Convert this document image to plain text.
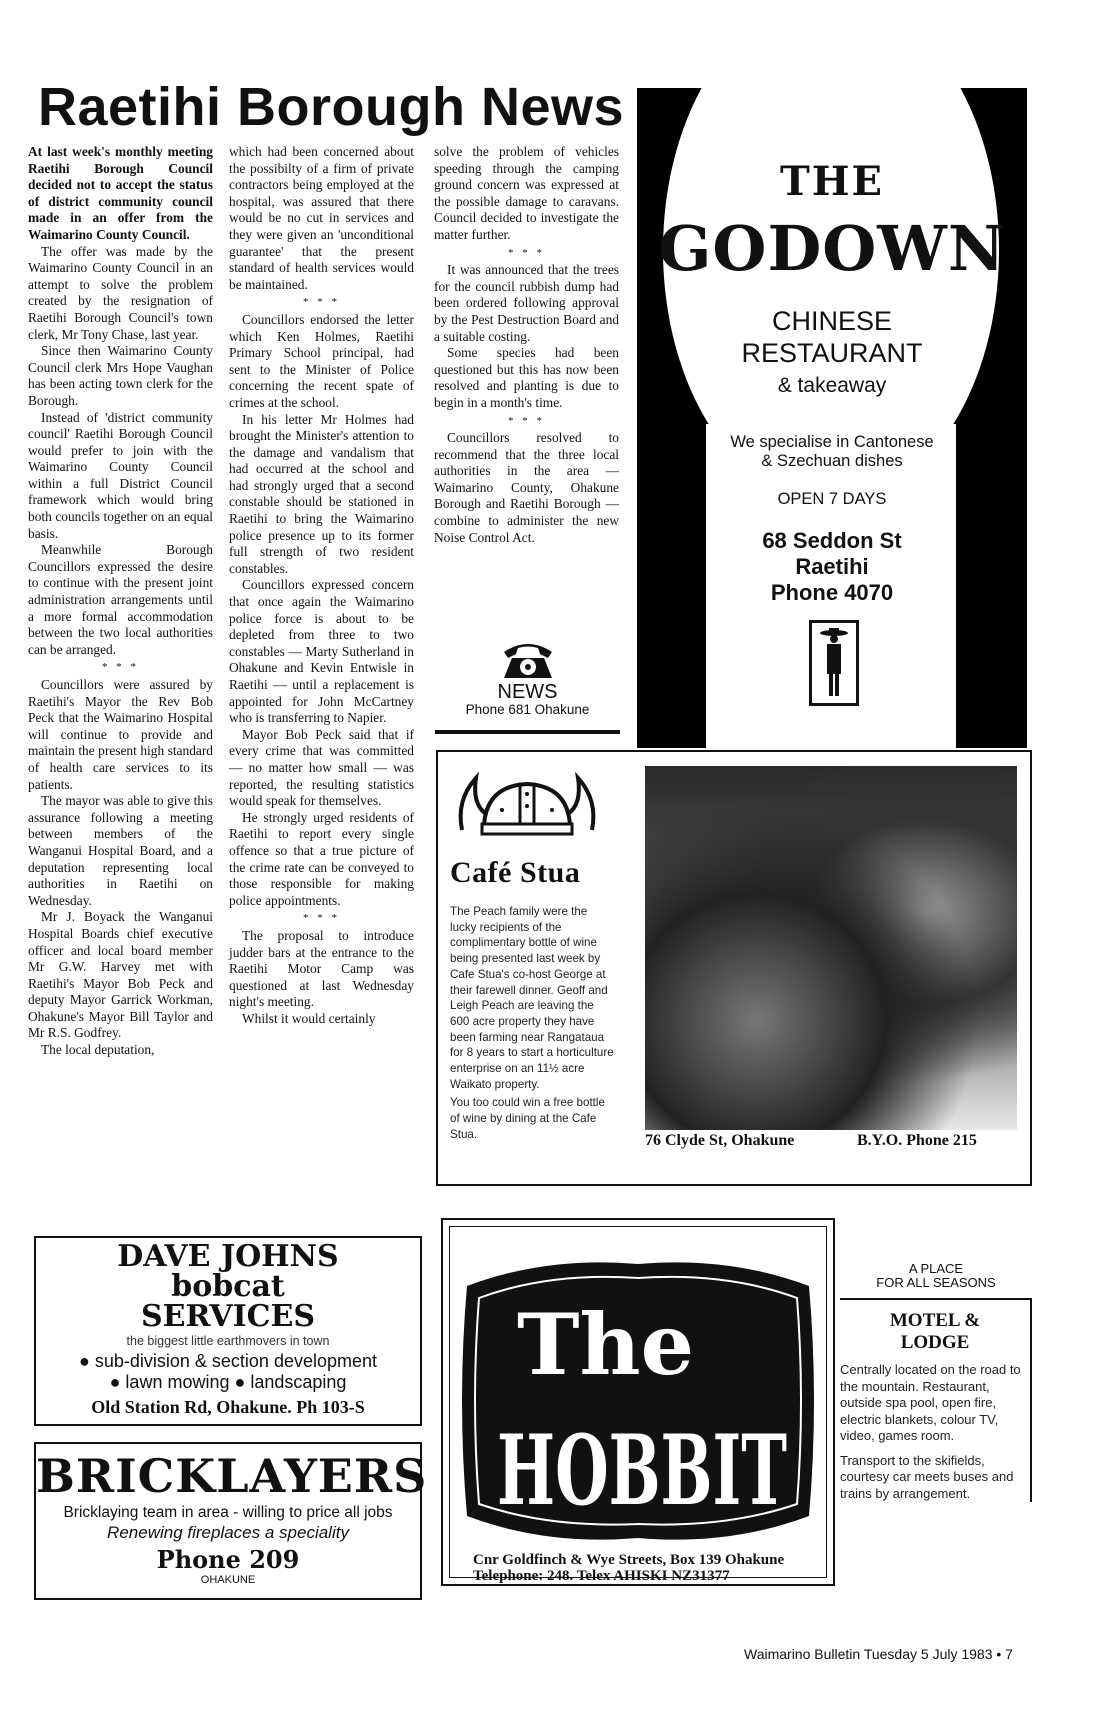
Raetihi Borough News

At last week's monthly meeting Raetihi Borough Council decided not to accept the status of district community council made in an offer from the Waimarino County Council.

The offer was made by the Waimarino County Council in an attempt to solve the problem created by the resignation of Raetihi Borough Council's town clerk, Mr Tony Chase, last year.

Since then Waimarino County Council clerk Mrs Hope Vaughan has been acting town clerk for the Borough.

Instead of 'district community council' Raetihi Borough Council would prefer to join with the Waimarino County Council within a full District Council framework which would bring both councils together on an equal basis.

Meanwhile Borough Councillors expressed the desire to continue with the present joint administration arrangements until a more formal accommodation between the two local authorities can be arranged.

* * *

Councillors were assured by Raetihi's Mayor the Rev Bob Peck that the Waimarino Hospital will continue to provide and maintain the present high standard of health care services to its patients.

The mayor was able to give this assurance following a meeting between members of the Wanganui Hospital Board, and a deputation representing local authorities in Raetihi on Wednesday.

Mr J. Boyack the Wanganui Hospital Boards chief executive officer and local board member Mr G.W. Harvey met with Raetihi's Mayor Bob Peck and deputy Mayor Garrick Workman, Ohakune's Mayor Bill Taylor and Mr R.S. Godfrey.

The local deputation,

which had been concerned about the possibilty of a firm of private contractors being employed at the hospital, was assured that there would be no cut in services and they were given an 'unconditional guarantee' that the present standard of health services would be maintained.

* * *

Councillors endorsed the letter which Ken Holmes, Raetihi Primary School principal, had sent to the Minister of Police concerning the recent spate of crimes at the school.

In his letter Mr Holmes had brought the Minister's attention to the damage and vandalism that had occurred at the school and had strongly urged that a second constable should be stationed in Raetihi to bring the Waimarino police presence up to its former full strength of two resident constables.

Councillors expressed concern that once again the Waimarino police force is about to be depleted from three to two constables — Marty Sutherland in Ohakune and Kevin Entwisle in Raetihi — until a replacement is appointed for John McCartney who is transferring to Napier.

Mayor Bob Peck said that if every crime that was committed — no matter how small — was reported, the resulting statistics would speak for themselves.

He strongly urged residents of Raetihi to report every single offence so that a true picture of the crime rate can be conveyed to those responsible for making police appointments.

* * *

The proposal to introduce judder bars at the entrance to the Raetihi Motor Camp was questioned at last Wednesday night's meeting.

Whilst it would certainly

solve the problem of vehicles speeding through the camping ground concern was expressed at the possible damage to caravans. Council decided to investigate the matter further.

* * *

It was announced that the trees for the council rubbish dump had been ordered following approval by the Pest Destruction Board and a suitable costing.

Some species had been questioned but this has now been resolved and planting is due to begin in a month's time.

* * *

Councillors resolved to recommend that the three local authorities in the area — Waimarino County, Ohakune Borough and Raetihi Borough — combine to administer the new Noise Control Act.

NEWS
Phone 681 Ohakune
THE
GODOWN
CHINESE
RESTAURANT
& takeaway
We specialise in Cantonese
& Szechuan dishes
OPEN 7 DAYS
68 Seddon St
Raetihi
Phone 4070
Café Stua

The Peach family were the lucky recipients of the complimentary bottle of wine being presented last week by Cafe Stua's co-host George at their farewell dinner. Geoff and Leigh Peach are leaving the 600 acre property they have been farming near Rangataua for 8 years to start a horticulture enterprise on an 11½ acre Waikato property.

You too could win a free bottle of wine by dining at the Cafe Stua.	76 Clyde St, Ohakune	B.Y.O. Phone 215
DAVE JOHNS
bobcat
SERVICES
the biggest little earthmovers in town
● sub-division & section development
● lawn mowing ● landscaping
Old Station Rd, Ohakune. Ph 103-S
BRICKLAYERS
Bricklaying team in area - willing to price all jobs
Renewing fireplaces a speciality
Phone 209
OHAKUNE
The
HOBBIT
Cnr Goldfinch & Wye Streets, Box 139 Ohakune
Telephone: 248. Telex AHISKI NZ31377
A PLACE
FOR ALL SEASONS
MOTEL &
LODGE
Centrally located on the road to the mountain. Restaurant, outside spa pool, open fire, electric blankets, colour TV, video, games room.
Transport to the skifields, courtesy car meets buses and trains by arrangement.
Waimarino Bulletin Tuesday 5 July 1983 • 7
